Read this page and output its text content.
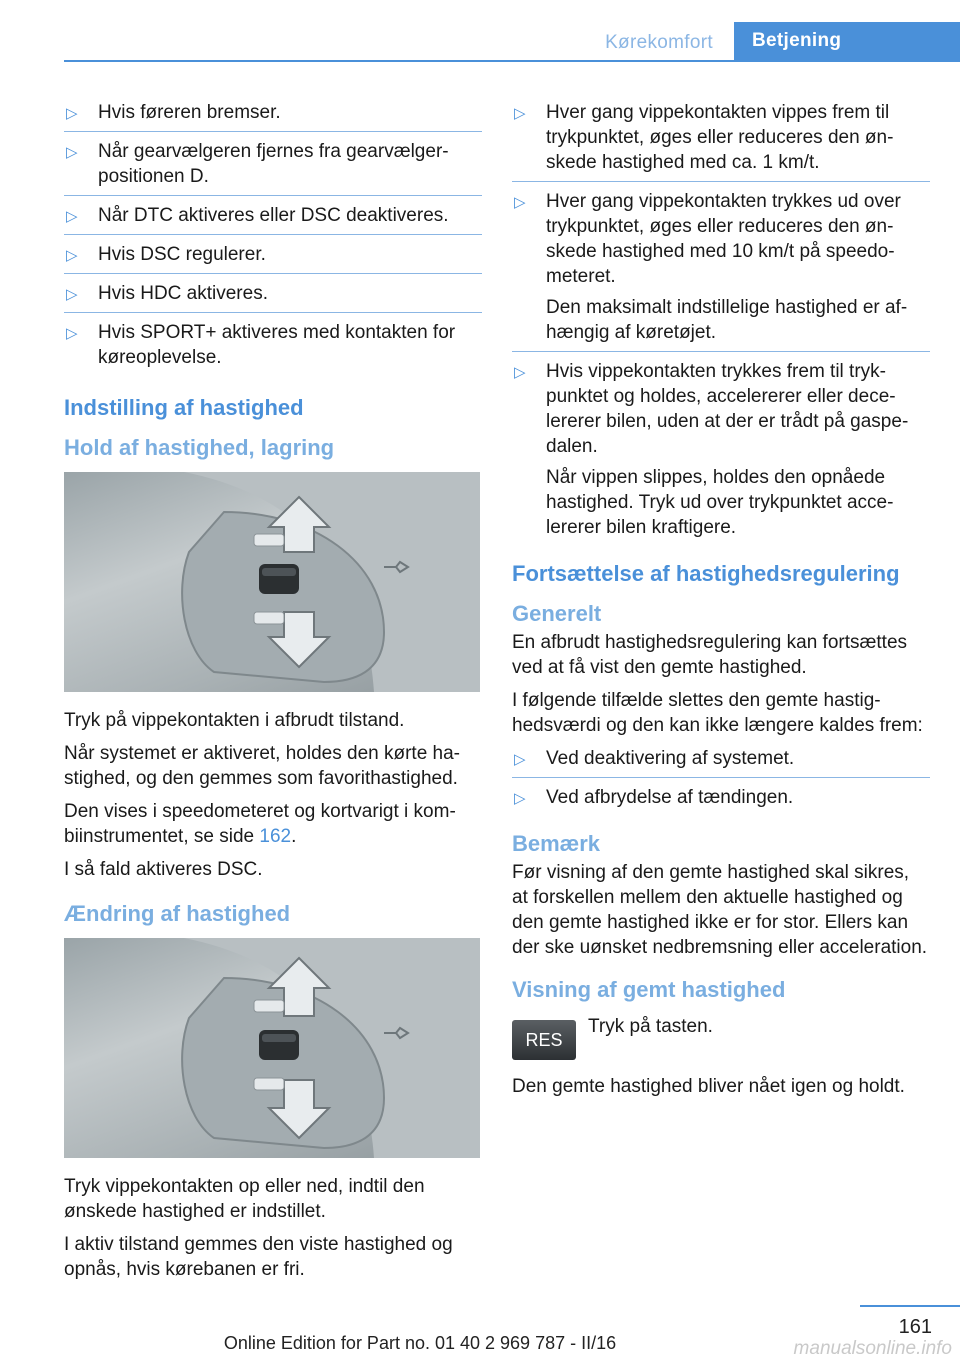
Kørekomfort	Betjening
▷ Hvis føreren bremser.
▷ Når gearvælgeren fjernes fra gearvælgerpositionen D.
▷ Når DTC aktiveres eller DSC deaktiveres.
▷ Hvis DSC regulerer.
▷ Hvis HDC aktiveres.
▷ Hvis SPORT+ aktiveres med kontakten for køreoplevelse.
Indstilling af hastighed
Hold af hastighed, lagring

Tryk på vippekontakten i afbrudt tilstand.

Når systemet er aktiveret, holdes den kørte hastighed, og den gemmes som favorithastighed.

Den vises i speedometeret og kortvarigt i kombiinstrumentet, se side 162.

I så fald aktiveres DSC.

Ændring af hastighed

Tryk vippekontakten op eller ned, indtil den ønskede hastighed er indstillet.

I aktiv tilstand gemmes den viste hastighed og opnås, hvis kørebanen er fri.

▷ Hver gang vippekontakten vippes frem til trykpunktet, øges eller reduceres den ønskede hastighed med ca. 1 km/t.
▷ Hver gang vippekontakten trykkes ud over trykpunktet, øges eller reduceres den ønskede hastighed med 10 km/t på speedometeret.

Den maksimalt indstillelige hastighed er afhængig af køretøjet.

▷ Hvis vippekontakten trykkes frem til trykpunktet og holdes, accelererer eller decelererer bilen, uden at der er trådt på gaspedalen.

Når vippen slippes, holdes den opnåede hastighed. Tryk ud over trykpunktet accelererer bilen kraftigere.

Fortsættelse af hastighedsregulering
Generelt

En afbrudt hastighedsregulering kan fortsættes ved at få vist den gemte hastighed.

I følgende tilfælde slettes den gemte hastighedsværdi og den kan ikke længere kaldes frem:

▷ Ved deaktivering af systemet.
▷ Ved afbrydelse af tændingen.
Bemærk

Før visning af den gemte hastighed skal sikres, at forskellen mellem den aktuelle hastighed og den gemte hastighed ikke er for stor. Ellers kan der ske uønsket nedbremsning eller acceleration.

Visning af gemt hastighed
RES
Tryk på tasten.

Den gemte hastighed bliver nået igen og holdt.

161
Online Edition for Part no. 01 40 2 969 787 - II/16	manualsonline.info
